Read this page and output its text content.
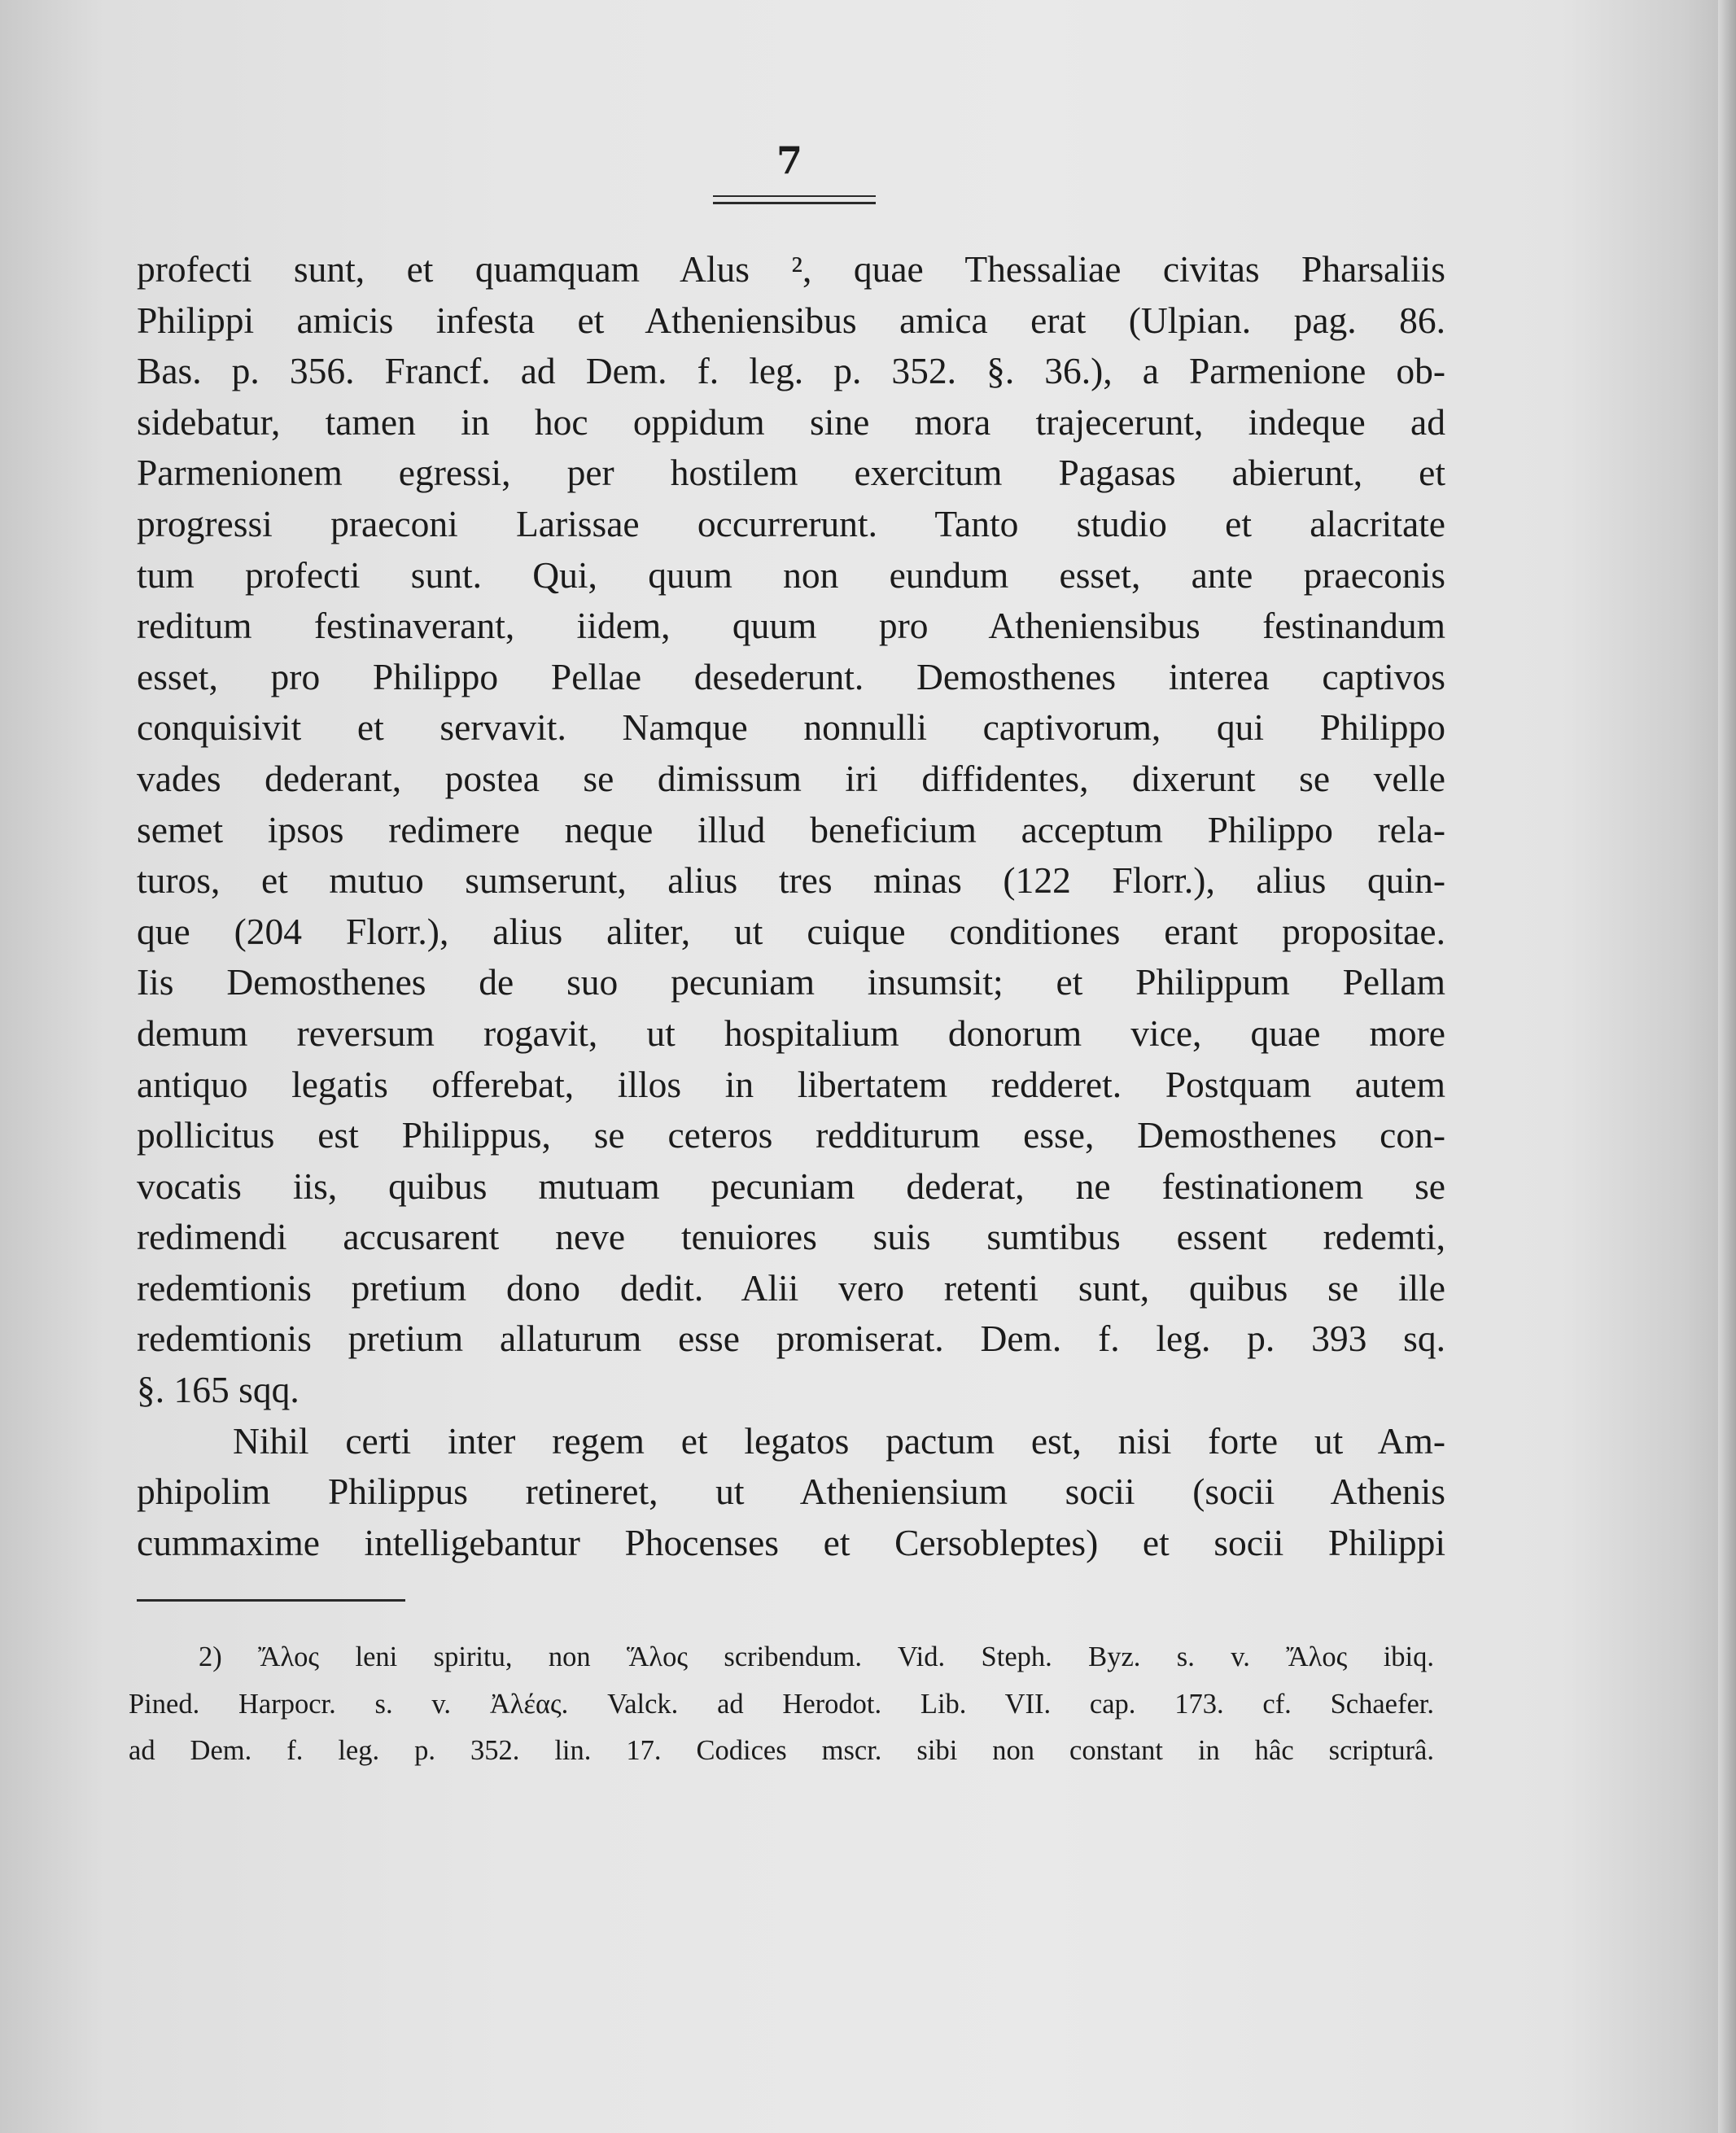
7
profecti sunt, et quamquam Alus ², quae Thessaliae civitas Pharsaliis
Philippi amicis infesta et Atheniensibus amica erat (Ulpian. pag. 86.
Bas. p. 356. Francf. ad Dem. f. leg. p. 352. §. 36.), a Parmenione ob-
sidebatur, tamen in hoc oppidum sine mora trajecerunt, indeque ad
Parmenionem egressi, per hostilem exercitum Pagasas abierunt, et
progressi praeconi Larissae occurrerunt. Tanto studio et alacritate
tum profecti sunt. Qui, quum non eundum esset, ante praeconis
reditum festinaverant, iidem, quum pro Atheniensibus festinandum
esset, pro Philippo Pellae desederunt. Demosthenes interea captivos
conquisivit et servavit. Namque nonnulli captivorum, qui Philippo
vades dederant, postea se dimissum iri diffidentes, dixerunt se velle
semet ipsos redimere neque illud beneficium acceptum Philippo rela-
turos, et mutuo sumserunt, alius tres minas (122 Florr.), alius quin-
que (204 Florr.), alius aliter, ut cuique conditiones erant propositae.
Iis Demosthenes de suo pecuniam insumsit; et Philippum Pellam
demum reversum rogavit, ut hospitalium donorum vice, quae more
antiquo legatis offerebat, illos in libertatem redderet. Postquam autem
pollicitus est Philippus, se ceteros redditurum esse, Demosthenes con-
vocatis iis, quibus mutuam pecuniam dederat, ne festinationem se
redimendi accusarent neve tenuiores suis sumtibus essent redemti,
redemtionis pretium dono dedit. Alii vero retenti sunt, quibus se ille
redemtionis pretium allaturum esse promiserat. Dem. f. leg. p. 393 sq.
§. 165 sqq.
Nihil certi inter regem et legatos pactum est, nisi forte ut Am-
phipolim Philippus retineret, ut Atheniensium socii (socii Athenis
cummaxime intelligebantur Phocenses et Cersobleptes) et socii Philippi
2) Ἄλος leni spiritu, non Ἅλος scribendum. Vid. Steph. Byz. s. v. Ἄλος ibiq.
Pined. Harpocr. s. v. Ἀλέας. Valck. ad Herodot. Lib. VII. cap. 173. cf. Schaefer.
ad Dem. f. leg. p. 352. lin. 17. Codices mscr. sibi non constant in hâc scripturâ.
